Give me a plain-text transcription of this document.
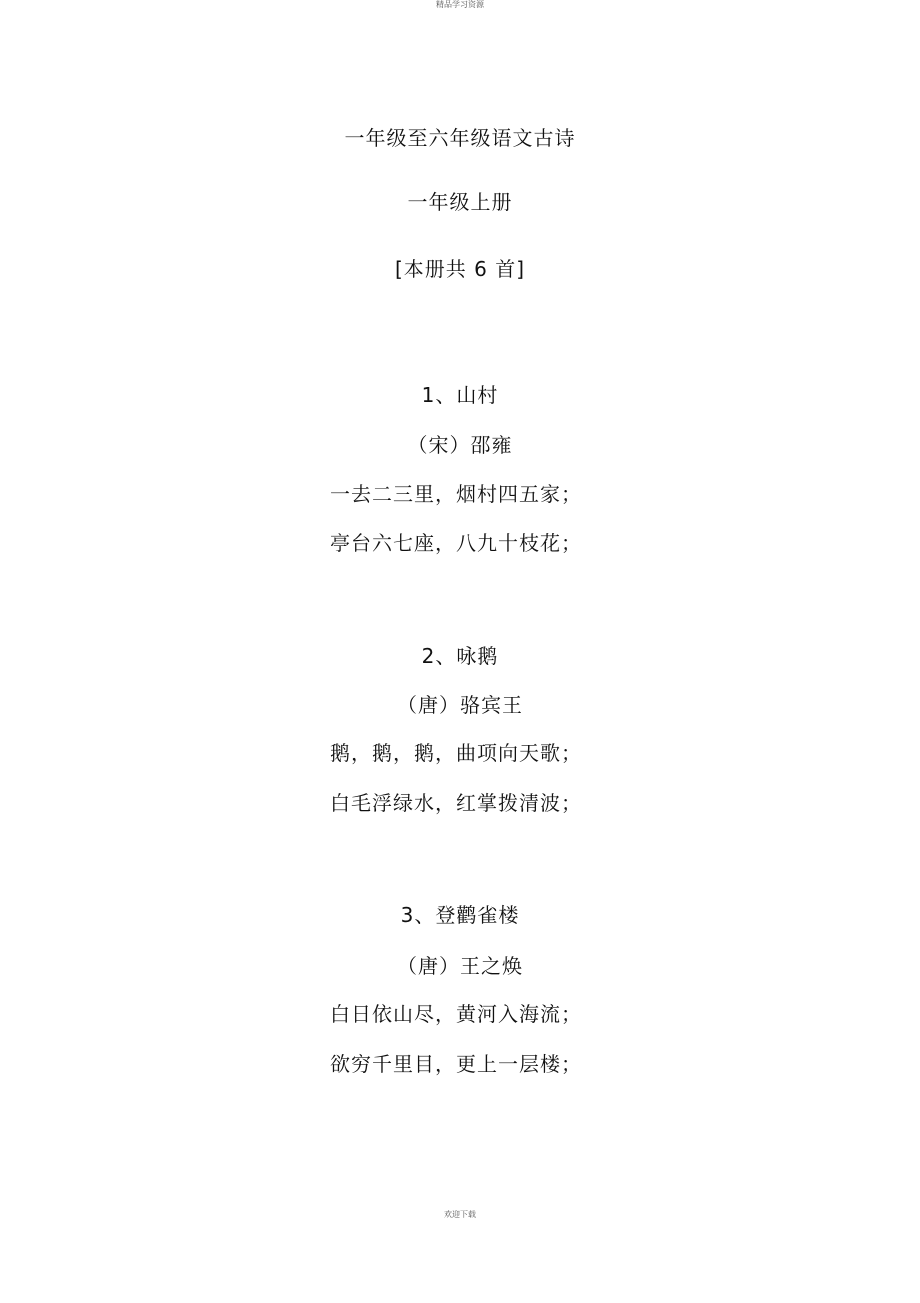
精品学习资源
一年级至六年级语文古诗
一年级上册
[本册共 6 首]
1、山村
（宋）邵雍
一去二三里，烟村四五家；
亭台六七座，八九十枝花；
2、咏鹅
（唐）骆宾王
鹅，鹅，鹅，曲项向天歌；
白毛浮绿水，红掌拨清波；
3、登鹳雀楼
（唐）王之焕
白日依山尽，黄河入海流；
欲穷千里目，更上一层楼；
欢迎下载
